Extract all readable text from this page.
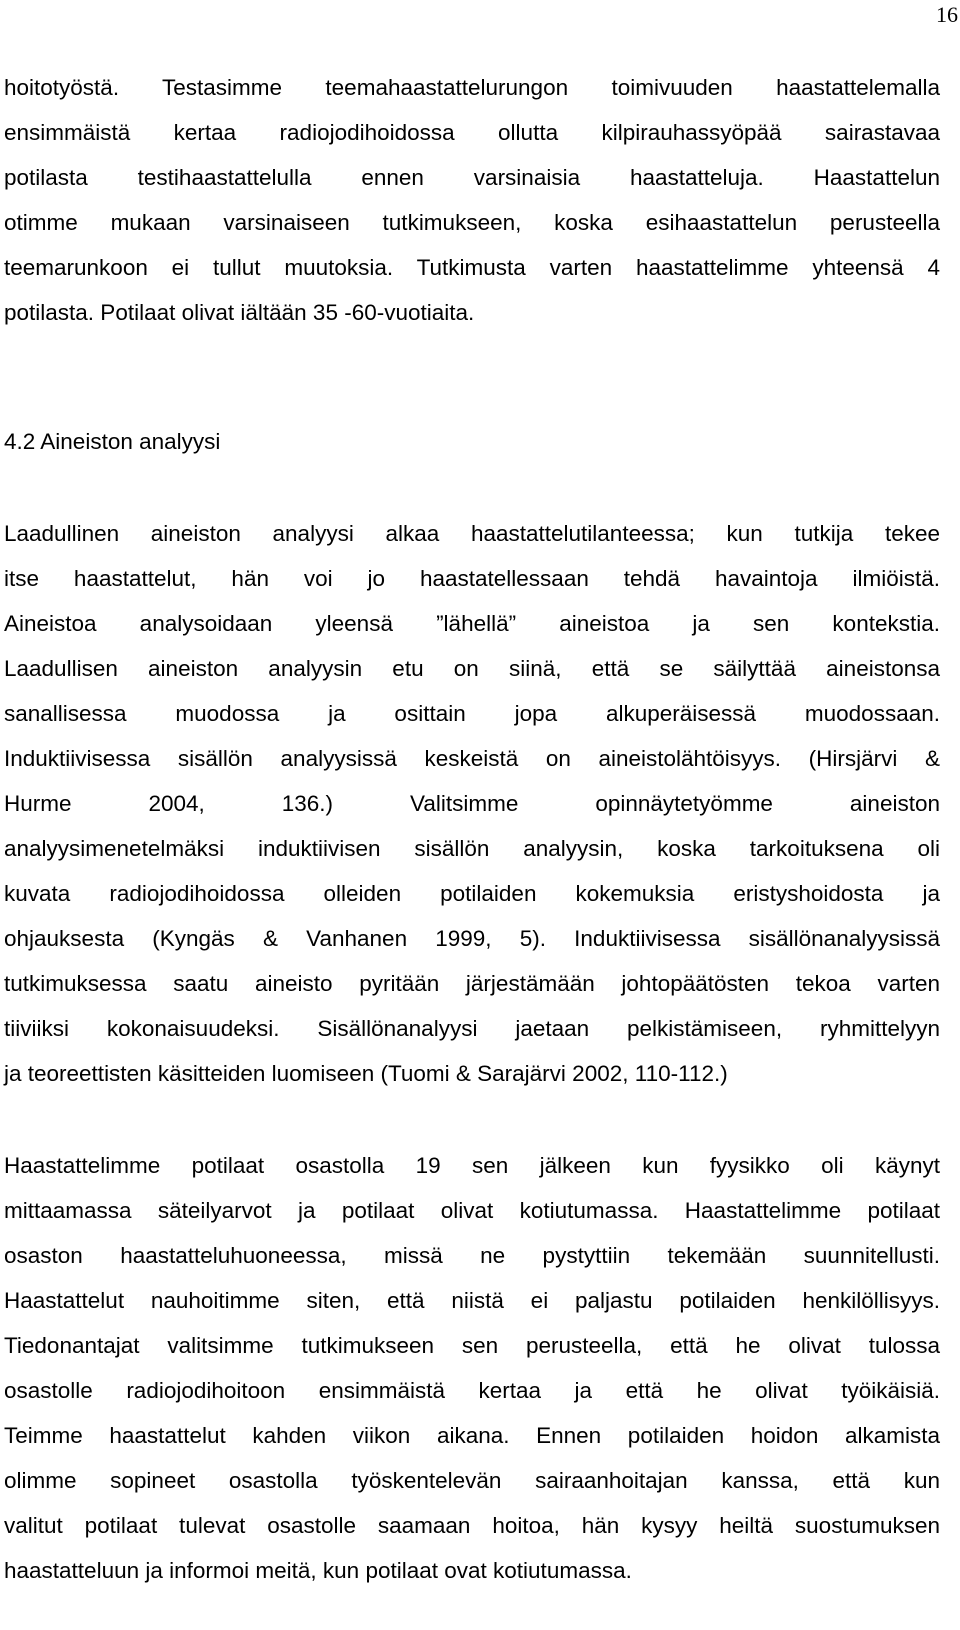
16
hoitotyöstä. Testasimme teemahaastattelurungon toimivuuden haastattelemalla
ensimmäistä kertaa radiojodihoidossa ollutta kilpirauhassyöpää sairastavaa
potilasta testihaastattelulla ennen varsinaisia haastatteluja. Haastattelun
otimme mukaan varsinaiseen tutkimukseen, koska esihaastattelun perusteella
teemarunkoon ei tullut muutoksia. Tutkimusta varten haastattelimme yhteensä 4
potilasta. Potilaat olivat iältään 35 -60-vuotiaita.
4.2 Aineiston analyysi
Laadullinen aineiston analyysi alkaa haastattelutilanteessa; kun tutkija tekee
itse haastattelut, hän voi jo haastatellessaan tehdä havaintoja ilmiöistä.
Aineistoa analysoidaan yleensä ”lähellä” aineistoa ja sen kontekstia.
Laadullisen aineiston analyysin etu on siinä, että se säilyttää aineistonsa
sanallisessa muodossa ja osittain jopa alkuperäisessä muodossaan.
Induktiivisessa sisällön analyysissä keskeistä on aineistolähtöisyys. (Hirsjärvi &
Hurme 2004, 136.) Valitsimme opinnäytetyömme aineiston
analyysimenetelmäksi induktiivisen sisällön analyysin, koska tarkoituksena oli
kuvata radiojodihoidossa olleiden potilaiden kokemuksia eristyshoidosta ja
ohjauksesta (Kyngäs & Vanhanen 1999, 5). Induktiivisessa sisällönanalyysissä
tutkimuksessa saatu aineisto pyritään järjestämään johtopäätösten tekoa varten
tiiviiksi kokonaisuudeksi. Sisällönanalyysi jaetaan pelkistämiseen, ryhmittelyyn
ja teoreettisten käsitteiden luomiseen (Tuomi & Sarajärvi 2002, 110-112.)
Haastattelimme potilaat osastolla 19 sen jälkeen kun fyysikko oli käynyt
mittaamassa säteilyarvot ja potilaat olivat kotiutumassa. Haastattelimme potilaat
osaston haastatteluhuoneessa, missä ne pystyttiin tekemään suunnitellusti.
Haastattelut nauhoitimme siten, että niistä ei paljastu potilaiden henkilöllisyys.
Tiedonantajat valitsimme tutkimukseen sen perusteella, että he olivat tulossa
osastolle radiojodihoitoon ensimmäistä kertaa ja että he olivat työikäisiä.
Teimme haastattelut kahden viikon aikana. Ennen potilaiden hoidon alkamista
olimme sopineet osastolla työskentelevän sairaanhoitajan kanssa, että kun
valitut potilaat tulevat osastolle saamaan hoitoa, hän kysyy heiltä suostumuksen
haastatteluun ja informoi meitä, kun potilaat ovat kotiutumassa.
